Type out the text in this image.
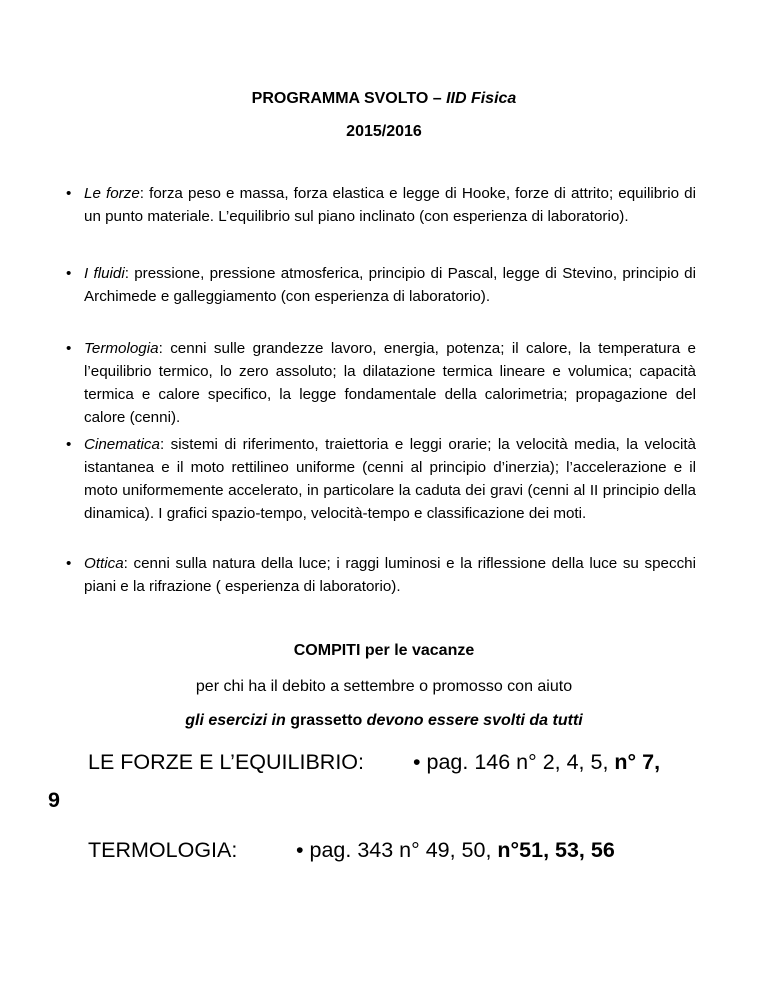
PROGRAMMA SVOLTO – IID Fisica
2015/2016
• Le forze: forza peso e massa, forza elastica e legge di Hooke, forze di attrito; equilibrio di un punto materiale. L’equilibrio sul piano inclinato (con esperienza di laboratorio).
• I fluidi: pressione, pressione atmosferica, principio di Pascal, legge di Stevino, principio di Archimede e galleggiamento (con esperienza di laboratorio).
• Termologia: cenni sulle grandezze lavoro, energia, potenza; il calore, la temperatura e l’equilibrio termico, lo zero assoluto; la dilatazione termica lineare e volumica; capacità termica e calore specifico, la legge fondamentale della calorimetria; propagazione del calore (cenni).
• Cinematica: sistemi di riferimento, traiettoria e leggi orarie; la velocità media, la velocità istantanea e il moto rettilineo uniforme (cenni al principio d’inerzia); l’accelerazione e il moto uniformemente accelerato, in particolare la caduta dei gravi (cenni al II principio della dinamica). I grafici spazio-tempo, velocità-tempo e classificazione dei moti.
• Ottica: cenni sulla natura della luce; i raggi luminosi e la riflessione della luce su specchi piani e la rifrazione ( esperienza di laboratorio).
COMPITI per le vacanze
per chi ha il debito a settembre o promosso con aiuto
gli esercizi in grassetto devono essere svolti da tutti
LE FORZE E L’EQUILIBRIO: • pag. 146 n° 2, 4, 5, n° 7,
9
TERMOLOGIA:	• pag. 343 n° 49, 50, n°51, 53, 56
